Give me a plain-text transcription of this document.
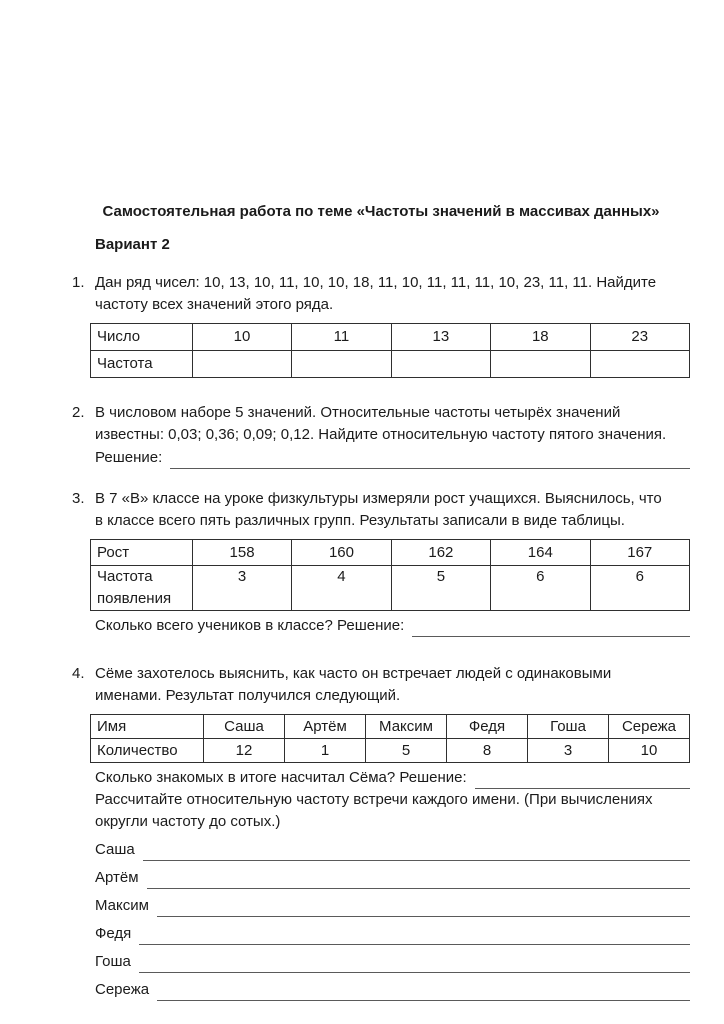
Самостоятельная работа по теме «Частоты значений в массивах данных»
Вариант 2
1. Дан ряд чисел: 10, 13, 10, 11, 10, 10, 18, 11, 10, 11, 11, 11, 10, 23, 11, 11. Найдите
частоту всех значений этого ряда.
Число	10	11	13	18	23
Частота					
2. В числовом наборе 5 значений. Относительные частоты четырёх значений
известны: 0,03; 0,36; 0,09; 0,12. Найдите относительную частоту пятого значения.
Решение:
3. В 7 «В» классе на уроке физкультуры измеряли рост учащихся. Выяснилось, что
в классе всего пять различных групп. Результаты записали в виде таблицы.
Рост	158	160	162	164	167
Частота появления	3	4	5	6	6
Сколько всего учеников в классе? Решение:
4. Сёме захотелось выяснить, как часто он встречает людей с одинаковыми
именами. Результат получился следующий.
Имя	Саша	Артём	Максим	Федя	Гоша	Сережа
Количество	12	1	5	8	3	10
Сколько знакомых в итоге насчитал Сёма? Решение:
Рассчитайте относительную частоту встречи каждого имени. (При вычислениях
округли частоту до сотых.)
Саша
Артём
Максим
Федя
Гоша
Сережа
